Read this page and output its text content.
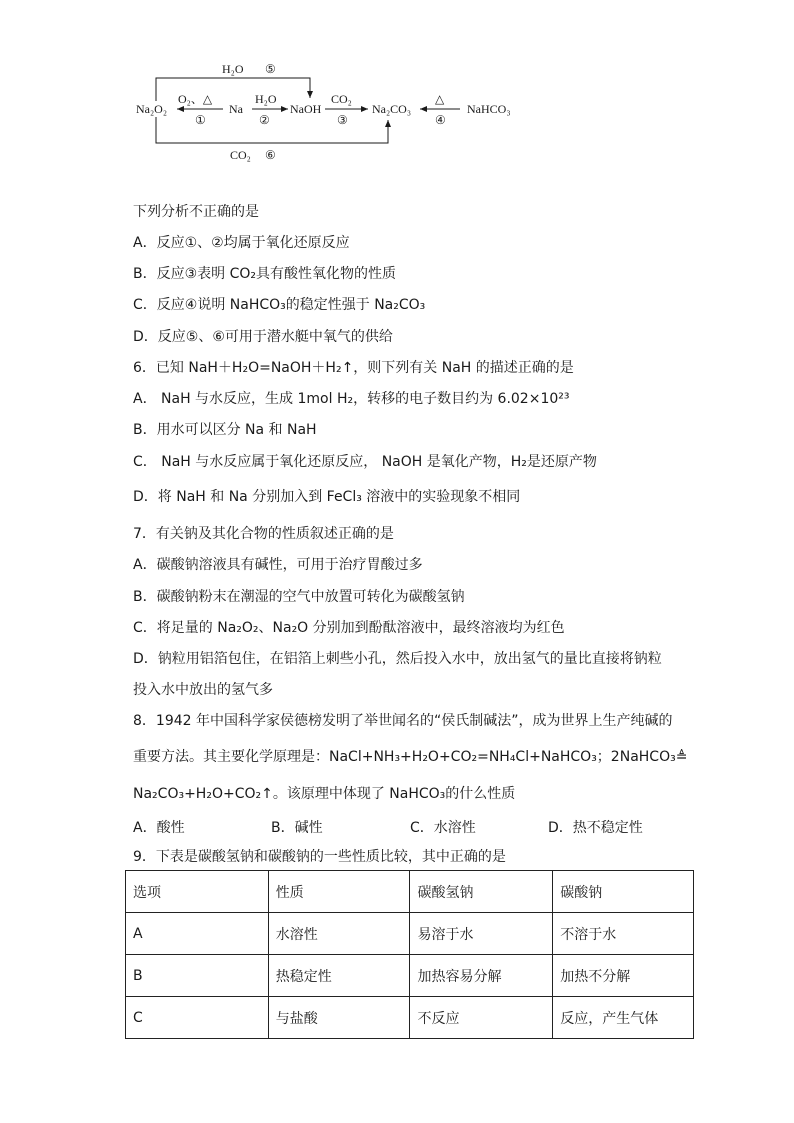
Na₂O₂	Na	NaOH	Na₂CO₃	NaHCO₃
O₂、△
①
H₂O
②
CO₂
③
△
④
H₂O ⑤
CO₂ ⑥
下列分析不正确的是
A．反应①、②均属于氧化还原反应
B．反应③表明 CO₂具有酸性氧化物的性质
C．反应④说明 NaHCO₃的稳定性强于 Na₂CO₃
D．反应⑤、⑥可用于潜水艇中氧气的供给
6．已知 NaH＋H₂O=NaOH＋H₂↑，则下列有关 NaH 的描述正确的是
A． NaH 与水反应，生成 1mol H₂，转移的电子数目约为 6.02×10²³
B．用水可以区分 Na 和 NaH
C． NaH 与水反应属于氧化还原反应， NaOH 是氧化产物，H₂是还原产物
D．将 NaH 和 Na 分别加入到 FeCl₃ 溶液中的实验现象不相同
7．有关钠及其化合物的性质叙述正确的是
A．碳酸钠溶液具有碱性，可用于治疗胃酸过多
B．碳酸钠粉末在潮湿的空气中放置可转化为碳酸氢钠
C．将足量的 Na₂O₂、Na₂O 分别加到酚酞溶液中，最终溶液均为红色
D．钠粒用铝箔包住，在铝箔上刺些小孔，然后投入水中，放出氢气的量比直接将钠粒
投入水中放出的氢气多
8．1942 年中国科学家侯德榜发明了举世闻名的“侯氏制碱法”，成为世界上生产纯碱的
重要方法。其主要化学原理是：NaCl+NH₃+H₂O+CO₂=NH₄Cl+NaHCO₃；2NaHCO₃≜
Na₂CO₃+H₂O+CO₂↑。该原理中体现了 NaHCO₃的什么性质
A．酸性	B．碱性	C．水溶性	D．热不稳定性
9．下表是碳酸氢钠和碳酸钠的一些性质比较，其中正确的是
选项	性质	碳酸氢钠	碳酸钠
A	水溶性	易溶于水	不溶于水
B	热稳定性	加热容易分解	加热不分解
C	与盐酸	不反应	反应，产生气体
